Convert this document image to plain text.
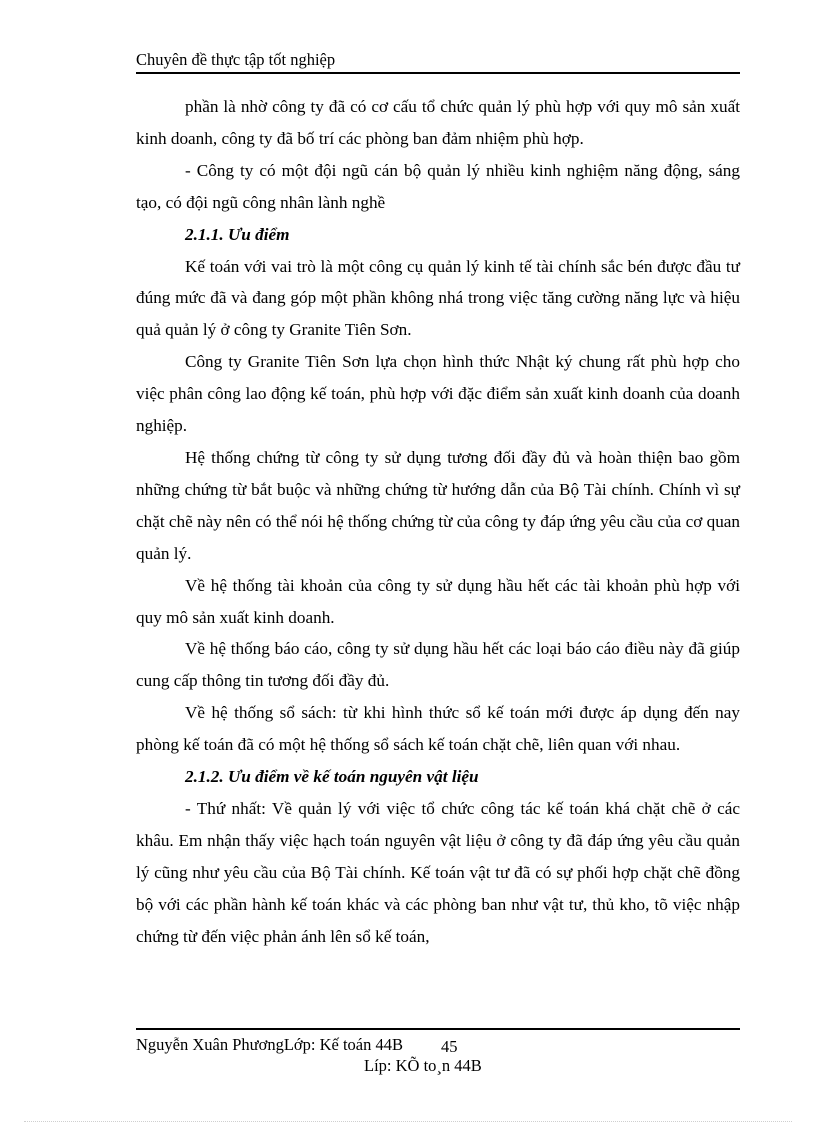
Chuyên đề thực tập tốt nghiệp

phần là nhờ công ty đã có cơ cấu tổ chức quản lý phù hợp với quy mô sản xuất kinh doanh, công ty đã bố trí các phòng ban đảm nhiệm phù hợp.

- Công ty có một đội ngũ cán bộ quản lý nhiều kinh nghiệm năng động, sáng tạo, có đội ngũ công nhân lành nghề

2.1.1. Ưu điểm

Kế toán với vai trò là một công cụ quản lý kinh tế tài chính sắc bén được đầu tư đúng mức đã và đang góp một phần không nhá trong việc tăng cường năng lực và hiệu quả quản lý ở công ty Granite Tiên Sơn.

Công ty Granite Tiên Sơn lựa chọn hình thức Nhật ký chung rất phù hợp cho việc phân công lao động kế toán, phù hợp với đặc điểm sản xuất kinh doanh của doanh nghiệp.

Hệ thống chứng từ công ty sử dụng tương đối đầy đủ và hoàn thiện bao gồm những chứng từ bắt buộc và những chứng từ hướng dẫn của Bộ Tài chính. Chính vì sự chặt chẽ này nên có thể nói hệ thống chứng từ của công ty đáp ứng yêu cầu của cơ quan quản lý.

Về hệ thống tài khoản của công ty sử dụng hầu hết các tài khoản phù hợp với quy mô sản xuất kinh doanh.

Về hệ thống báo cáo, công ty sử dụng hầu hết các loại báo cáo điều này đã giúp cung cấp thông tin tương đối đầy đủ.

Về hệ thống sổ sách: từ khi hình thức sổ kế toán mới được áp dụng đến nay phòng kế toán đã có một hệ thống sổ sách kế toán chặt chẽ, liên quan với nhau.

2.1.2. Ưu điểm về kế toán nguyên vật liệu

- Thứ nhất: Về quản lý với việc tổ chức công tác kế toán khá chặt chẽ ở các khâu. Em nhận thấy việc hạch toán nguyên vật liệu ở công ty đã đáp ứng yêu cầu quản lý cũng như yêu cầu của Bộ Tài chính. Kế toán vật tư đã có sự phối hợp chặt chẽ đồng bộ với các phần hành kế toán khác và các phòng ban như vật tư, thủ kho, tõ việc nhập chứng từ đến việc phản ánh lên sổ kế toán,

Nguyễn Xuân PhươngLớp: Kế toán 44B 45
Líp: KÕ to¸n 44B
